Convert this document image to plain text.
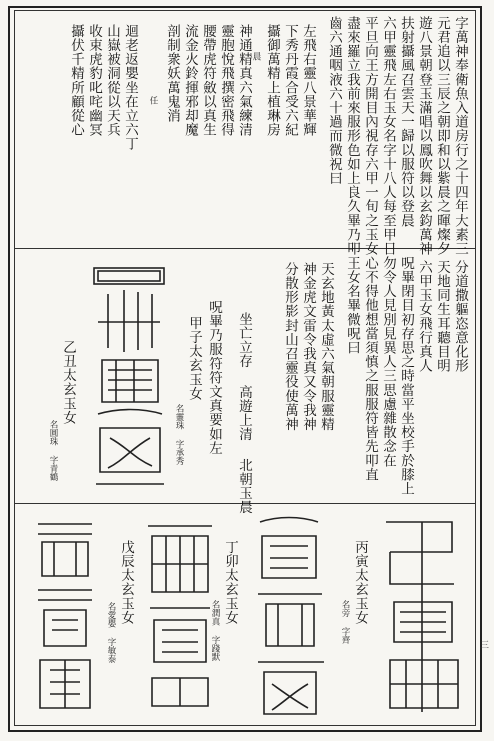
三
字萬神奉衛魚入道房行之十四年大素三
元君追以三辰之朝即和以紫晨之暉燦夕
遊八景朝登玉滿唱以鳳吹舞以玄鈞萬神
扶射攝風召雲天一歸以服符以登晨
六甲靈飛左右玉女名字十八人每至甲日
平旦向王方開目內視存六甲一旬之玉女
盡來羅立我前來服形色如上良久畢乃叩
齒六通咽液六十過而微祝曰
左飛右靈八景華輝
下秀丹霞合受六紀
攝御萬精上植琳房
神通精真六氣練清
靈胞悅飛撰密飛得
腰帶虎符斂以真生
流金火鈴揮邪却魔
剖制衆妖萬鬼消
迴老返嬰坐在立六丁
山嶽被洞從以天兵
收束虎豹叱咤幽冥
攝伏千精所顧從心	晨
任
分道撒軀恣意化形
天地同生耳聽目明
六甲玉女飛行真人
呪畢閉目初存思之時當平坐校手於膝上
勿令人見別見異人三思慮雜散念在
心不得他想當須慎之服服符皆先叩直
王女名畢微呪曰
天玄地黃太虛六氣朝服靈精
神金虎文雷令我真又令我神
分散形影封山召靈役使萬神
坐亡立存 高遊上清 北朝玉晨
呪畢乃服符符文真要如左
甲子太玄玉女
名靈珠 字承秀
乙丑太玄玉女
名圓珠 字青鶴
丙寅太玄玉女
名旁 字齊
丁卯太玄玉女
名潤真 字踐默
戊辰太玄玉女
名愛嬰 字敏泰
